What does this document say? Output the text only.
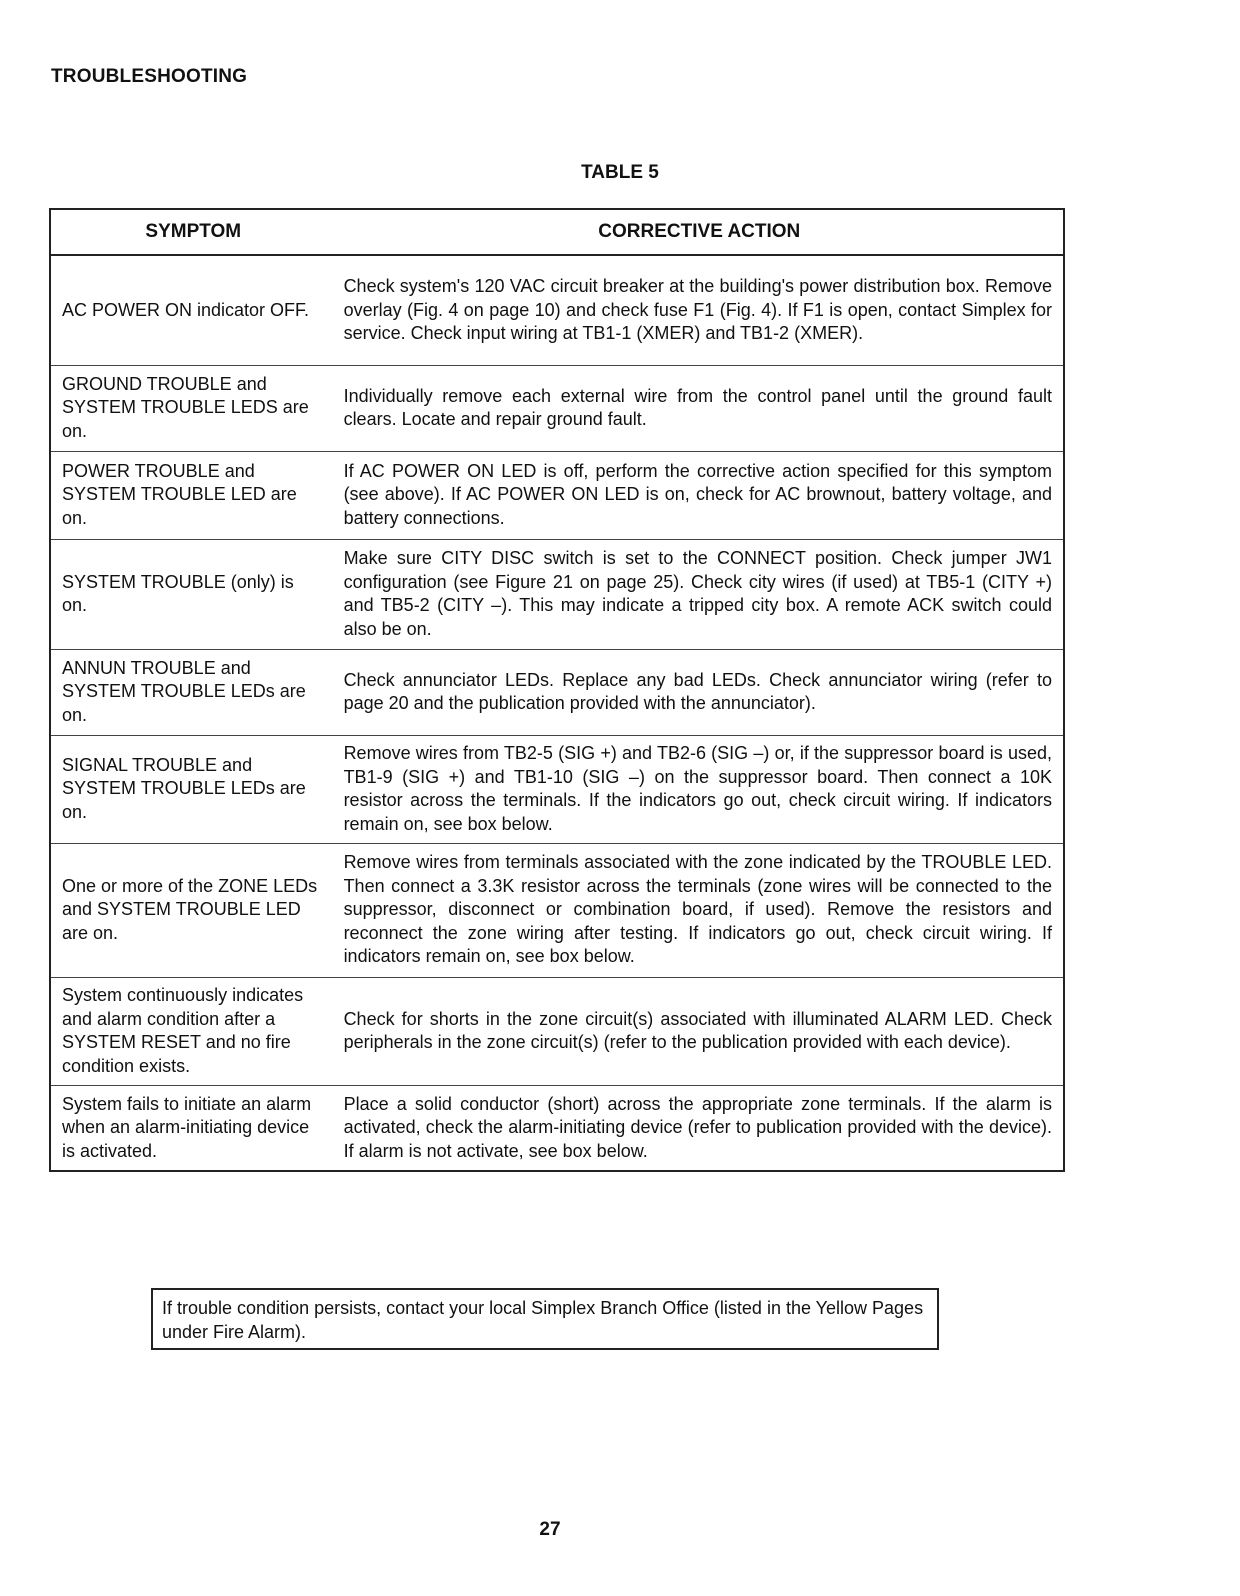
TROUBLESHOOTING
TABLE 5
SYMPTOM	CORRECTIVE ACTION
AC POWER ON indicator OFF.	Check system's 120 VAC circuit breaker at the building's power distribution box. Remove overlay (Fig. 4 on page 10) and check fuse F1 (Fig. 4). If F1 is open, contact Simplex for service. Check input wiring at TB1-1 (XMER) and TB1-2 (XMER).
GROUND TROUBLE and SYSTEM TROUBLE LEDS are on.	Individually remove each external wire from the control panel until the ground fault clears. Locate and repair ground fault.
POWER TROUBLE and SYSTEM TROUBLE LED are on.	If AC POWER ON LED is off, perform the corrective action specified for this symptom (see above). If AC POWER ON LED is on, check for AC brownout, battery voltage, and battery connections.
SYSTEM TROUBLE (only) is on.	Make sure CITY DISC switch is set to the CONNECT position. Check jumper JW1 configuration (see Figure 21 on page 25). Check city wires (if used) at TB5-1 (CITY +) and TB5-2 (CITY –). This may indicate a tripped city box. A remote ACK switch could also be on.
ANNUN TROUBLE and SYSTEM TROUBLE LEDs are on.	Check annunciator LEDs. Replace any bad LEDs. Check annunciator wiring (refer to page 20 and the publication provided with the annunciator).
SIGNAL TROUBLE and SYSTEM TROUBLE LEDs are on.	Remove wires from TB2-5 (SIG +) and TB2-6 (SIG –) or, if the suppressor board is used, TB1-9 (SIG +) and TB1-10 (SIG –) on the suppressor board. Then connect a 10K resistor across the terminals. If the indicators go out, check circuit wiring. If indicators remain on, see box below.
One or more of the ZONE LEDs and SYSTEM TROUBLE LED are on.	Remove wires from terminals associated with the zone indicated by the TROUBLE LED. Then connect a 3.3K resistor across the terminals (zone wires will be connected to the suppressor, disconnect or combination board, if used). Remove the resistors and reconnect the zone wiring after testing. If indicators go out, check circuit wiring. If indicators remain on, see box below.
System continuously indicates and alarm condition after a SYSTEM RESET and no fire condition exists.	Check for shorts in the zone circuit(s) associated with illuminated ALARM LED. Check peripherals in the zone circuit(s) (refer to the publication provided with each device).
System fails to initiate an alarm when an alarm-initiating device is activated.	Place a solid conductor (short) across the appropriate zone terminals. If the alarm is activated, check the alarm-initiating device (refer to publication provided with the device). If alarm is not activate, see box below.
If trouble condition persists, contact your local Simplex Branch Office (listed in the Yellow Pages under Fire Alarm).

27
